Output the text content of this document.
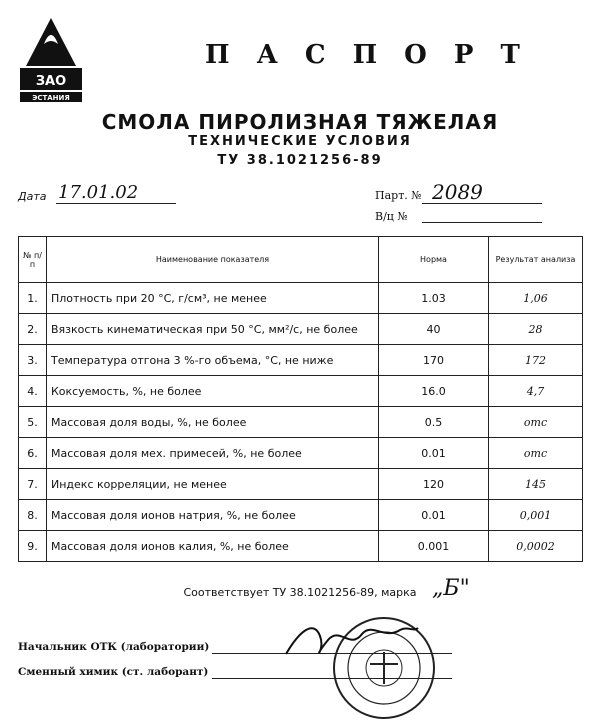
ЗАО
ЭСТАНИЯ
П А С П О Р Т
СМОЛА ПИРОЛИЗНАЯ ТЯЖЕЛАЯ
ТЕХНИЧЕСКИЕ УСЛОВИЯ
ТУ 38.1021256-89
Дата 17.01.02	Парт. № 2089
В/ц №
№ п/п	Наименование показателя	Норма	Результат анализа
1.	Плотность при 20 °С, г/см³, не менее	1.03	1,06
2.	Вязкость кинематическая при 50 °С, мм²/с, не более	40	28
3.	Температура отгона 3 %-го объема, °С, не ниже	170	172
4.	Коксуемость, %, не более	16.0	4,7
5.	Массовая доля воды, %, не более	0.5	отс
6.	Массовая доля мех. примесей, %, не более	0.01	отс
7.	Индекс корреляции, не менее	120	145
8.	Массовая доля ионов натрия, %, не более	0.01	0,001
9.	Массовая доля ионов калия, %, не более	0.001	0,0002
Соответствует ТУ 38.1021256-89, марка „Б"
Начальник ОТК (лаборатории)
Сменный химик (ст. лаборант)
